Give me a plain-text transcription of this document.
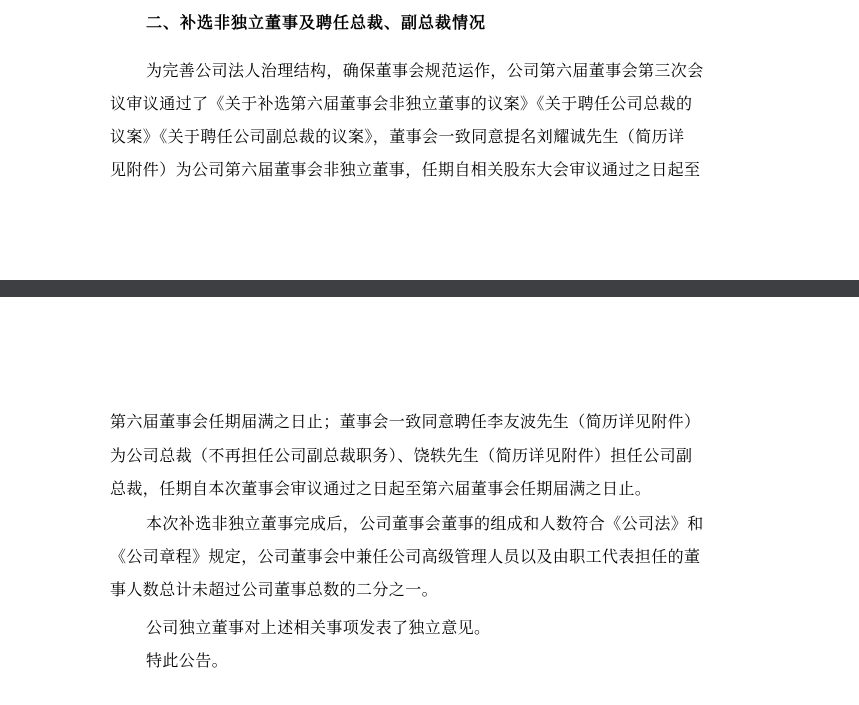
二、补选非独立董事及聘任总裁、副总裁情况
为完善公司法人治理结构，确保董事会规范运作，公司第六届董事会第三次会
议审议通过了《关于补选第六届董事会非独立董事的议案》《关于聘任公司总裁的
议案》《关于聘任公司副总裁的议案》，董事会一致同意提名刘耀诚先生（简历详
见附件）为公司第六届董事会非独立董事，任期自相关股东大会审议通过之日起至
第六届董事会任期届满之日止；董事会一致同意聘任李友波先生（简历详见附件）
为公司总裁（不再担任公司副总裁职务）、饶轶先生（简历详见附件）担任公司副
总裁，任期自本次董事会审议通过之日起至第六届董事会任期届满之日止。
本次补选非独立董事完成后，公司董事会董事的组成和人数符合《公司法》和
《公司章程》规定，公司董事会中兼任公司高级管理人员以及由职工代表担任的董
事人数总计未超过公司董事总数的二分之一。
公司独立董事对上述相关事项发表了独立意见。
特此公告。
